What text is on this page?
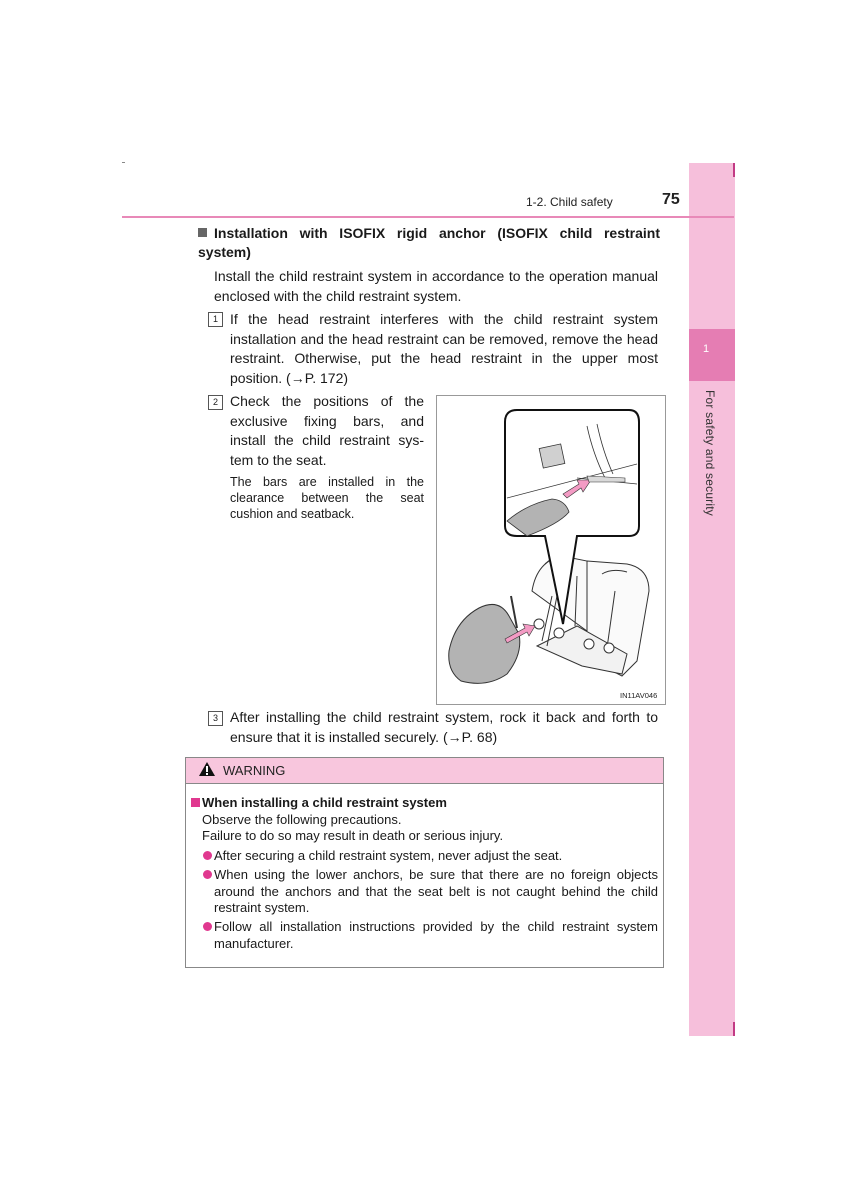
1
For safety and security
1-2. Child safety	75
Installation with ISOFIX rigid anchor (ISOFIX child restraint system)
Install the child restraint system in accordance to the operation manual enclosed with the child restraint system.
1 If the head restraint interferes with the child restraint system installation and the head restraint can be removed, remove the head restraint. Otherwise, put the head restraint in the upper most position. (→P. 172)
2 Check the positions of the exclusive fixing bars, and install the child restraint sys-tem to the seat.
The bars are installed in the clearance between the seat cushion and seatback.
IN11AV046
3 After installing the child restraint system, rock it back and forth to ensure that it is installed securely. (→P. 68)
WARNING
When installing a child restraint system
Observe the following precautions.
Failure to do so may result in death or serious injury.
After securing a child restraint system, never adjust the seat.
When using the lower anchors, be sure that there are no foreign objects around the anchors and that the seat belt is not caught behind the child restraint system.
Follow all installation instructions provided by the child restraint system manufacturer.
